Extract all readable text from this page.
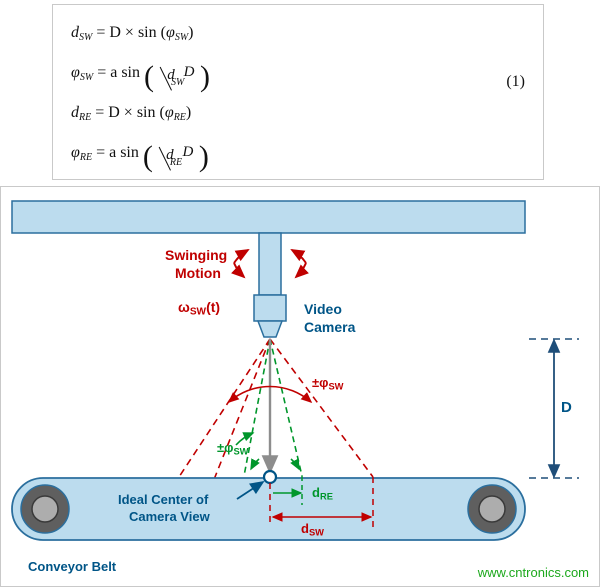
$d_{SW} = D \times \sin (\varphi_{SW})$
$\varphi_{SW} = a$ sin ( d
$_{SW}$
D )
$d_{RE} = D \times \sin (\varphi_{RE})$
$\varphi_{RE} = a$ sin ( d
$_{RE}$
D )
(1)
Swinging
Motion
ωSW(t)	Video
Camera
±φSW
±φSW
Ideal Center of
Camera View
dRE
dSW
D
Conveyor Belt	www.cntronics.com
